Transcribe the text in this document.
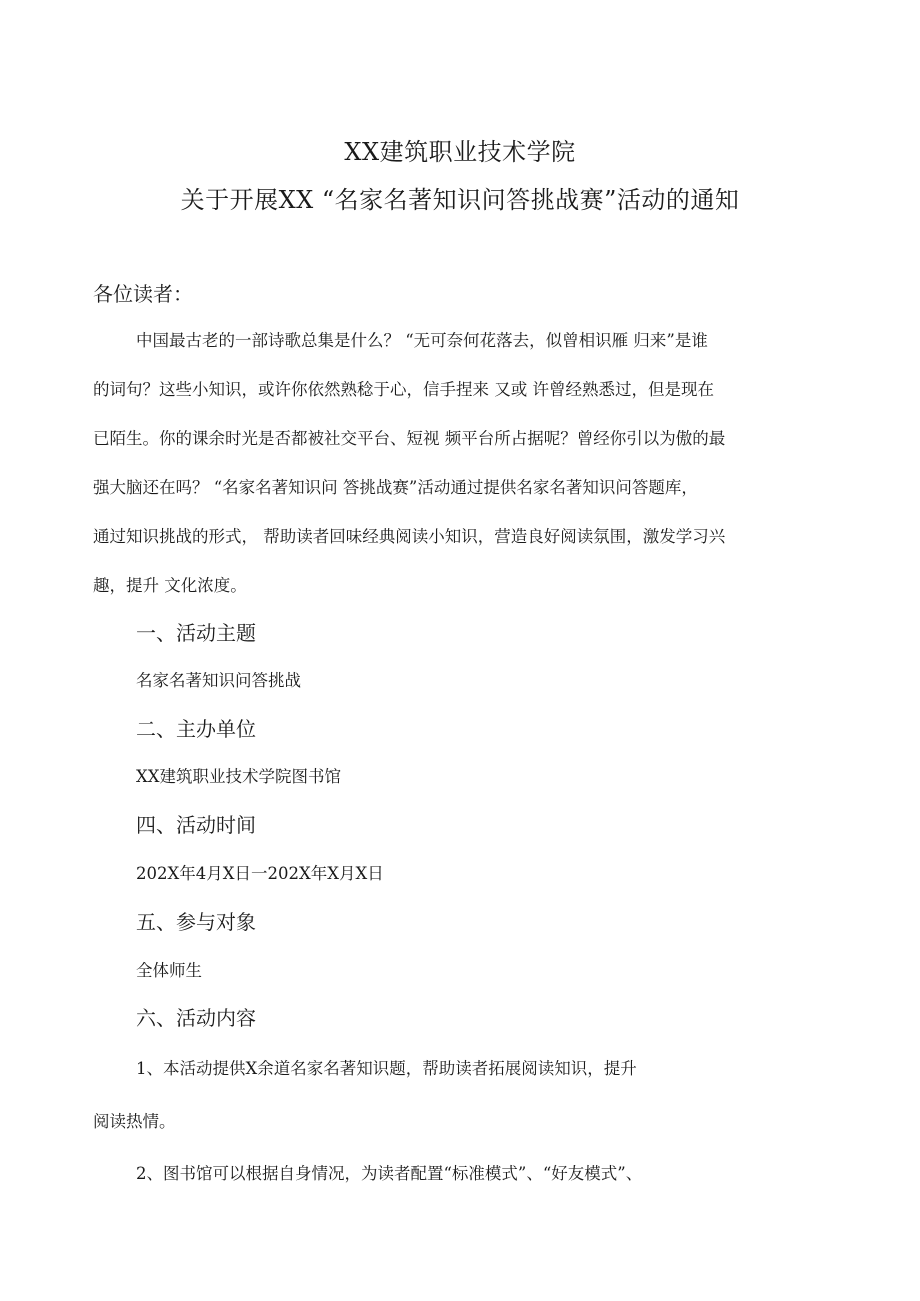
XX建筑职业技术学院
关于开展XX “名家名著知识问答挑战赛”活动的通知
各位读者：
中国最古老的一部诗歌总集是什么？ “无可奈何花落去，似曾相识雁 归来”是谁
的词句？这些小知识，或许你依然熟稔于心，信手捏来 又或 许曾经熟悉过，但是现在
已陌生。你的课余时光是否都被社交平台、短视 频平台所占据呢？曾经你引以为傲的最
强大脑还在吗？ “名家名著知识问 答挑战赛”活动通过提供名家名著知识问答题库，
通过知识挑战的形式， 帮助读者回味经典阅读小知识，营造良好阅读氛围，激发学习兴
趣，提升 文化浓度。
一、活动主题
名家名著知识问答挑战
二、主办单位
XX建筑职业技术学院图书馆
四、活动时间
202X年4月X日一202X年X月X日
五、参与对象
全体师生
六、活动内容
1、本活动提供X余道名家名著知识题，帮助读者拓展阅读知识，提升
阅读热情。
2、图书馆可以根据自身情况，为读者配置“标准模式”、“好友模式”、
